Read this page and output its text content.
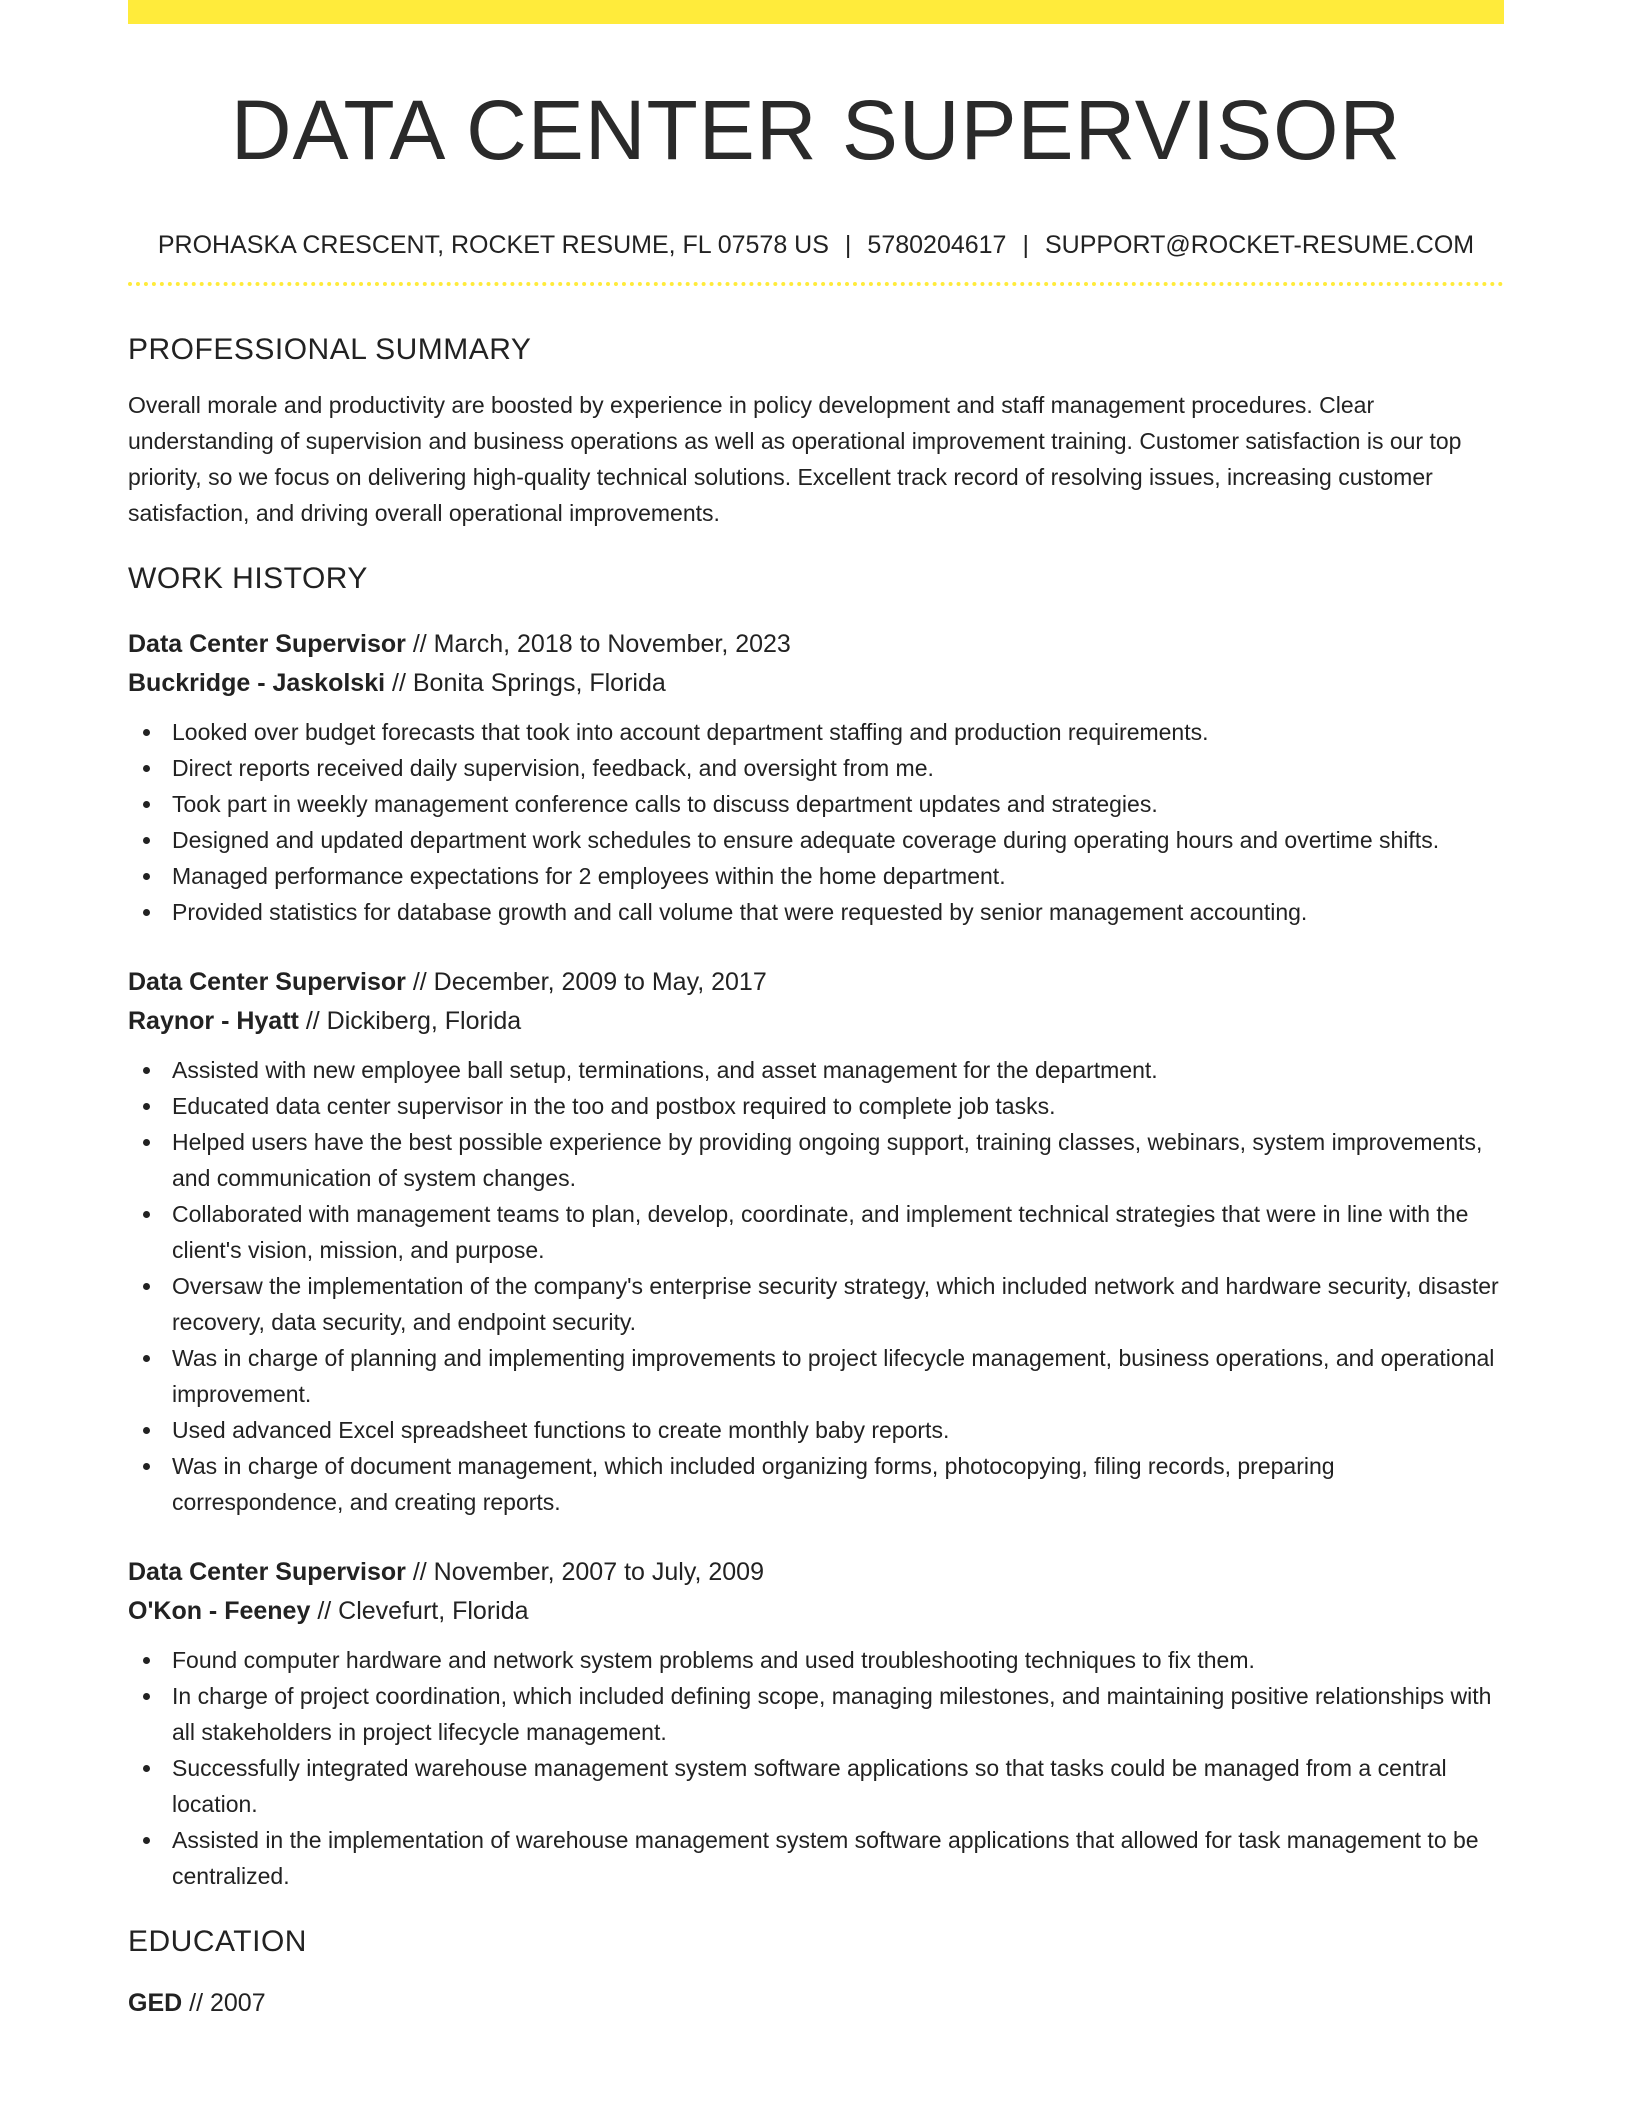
DATA CENTER SUPERVISOR
PROHASKA CRESCENT, ROCKET RESUME, FL 07578 US | 5780204617 | SUPPORT@ROCKET-RESUME.COM
PROFESSIONAL SUMMARY

Overall morale and productivity are boosted by experience in policy development and staff management procedures. Clear understanding of supervision and business operations as well as operational improvement training. Customer satisfaction is our top priority, so we focus on delivering high-quality technical solutions. Excellent track record of resolving issues, increasing customer satisfaction, and driving overall operational improvements.

WORK HISTORY
Data Center Supervisor // March, 2018 to November, 2023
Buckridge - Jaskolski // Bonita Springs, Florida
Looked over budget forecasts that took into account department staffing and production requirements.
Direct reports received daily supervision, feedback, and oversight from me.
Took part in weekly management conference calls to discuss department updates and strategies.
Designed and updated department work schedules to ensure adequate coverage during operating hours and overtime shifts.
Managed performance expectations for 2 employees within the home department.
Provided statistics for database growth and call volume that were requested by senior management accounting.
Data Center Supervisor // December, 2009 to May, 2017
Raynor - Hyatt // Dickiberg, Florida
Assisted with new employee ball setup, terminations, and asset management for the department.
Educated data center supervisor in the too and postbox required to complete job tasks.
Helped users have the best possible experience by providing ongoing support, training classes, webinars, system improvements, and communication of system changes.
Collaborated with management teams to plan, develop, coordinate, and implement technical strategies that were in line with the client's vision, mission, and purpose.
Oversaw the implementation of the company's enterprise security strategy, which included network and hardware security, disaster recovery, data security, and endpoint security.
Was in charge of planning and implementing improvements to project lifecycle management, business operations, and operational improvement.
Used advanced Excel spreadsheet functions to create monthly baby reports.
Was in charge of document management, which included organizing forms, photocopying, filing records, preparing correspondence, and creating reports.
Data Center Supervisor // November, 2007 to July, 2009
O'Kon - Feeney // Clevefurt, Florida
Found computer hardware and network system problems and used troubleshooting techniques to fix them.
In charge of project coordination, which included defining scope, managing milestones, and maintaining positive relationships with all stakeholders in project lifecycle management.
Successfully integrated warehouse management system software applications so that tasks could be managed from a central location.
Assisted in the implementation of warehouse management system software applications that allowed for task management to be centralized.
EDUCATION
GED // 2007
